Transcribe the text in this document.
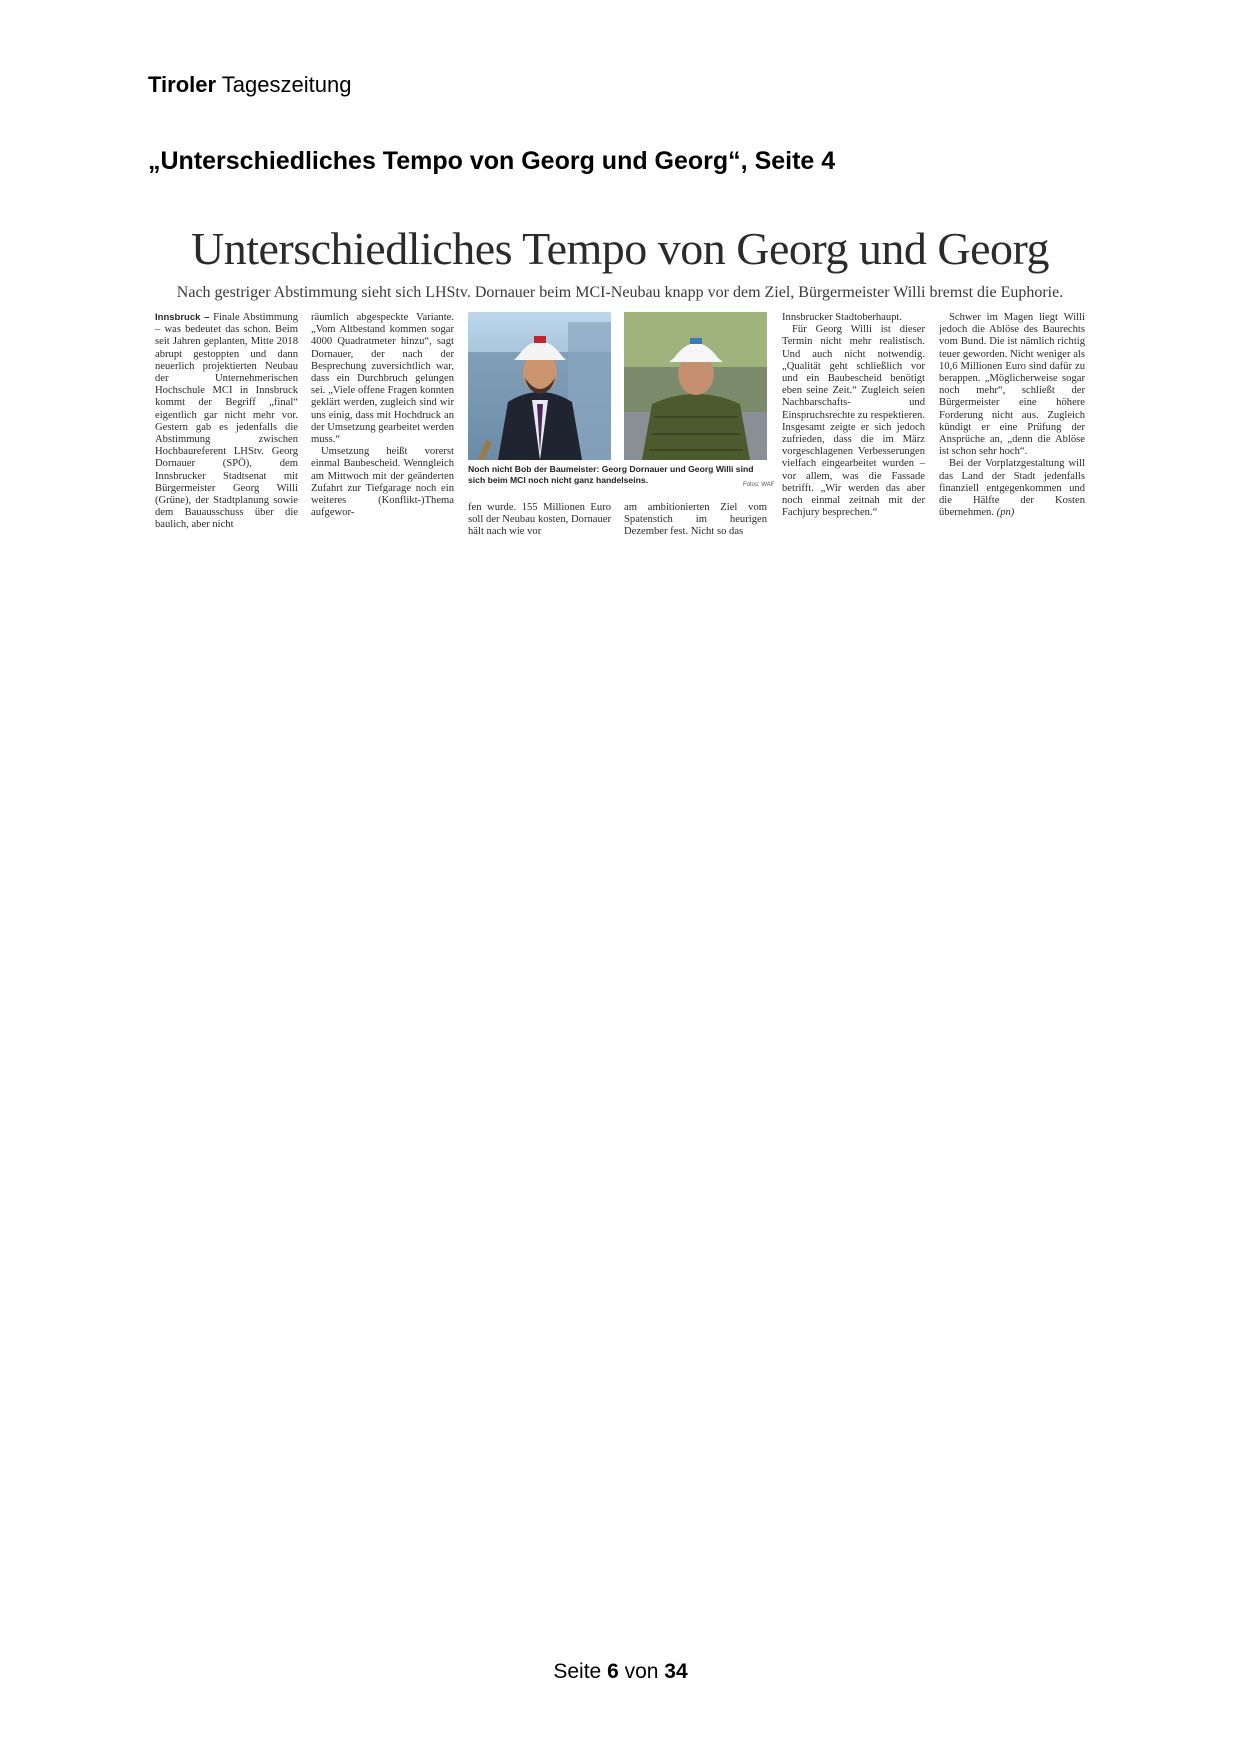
Tiroler Tageszeitung
„Unterschiedliches Tempo von Georg und Georg“, Seite 4
Unterschiedliches Tempo von Georg und Georg
Nach gestriger Abstimmung sieht sich LHStv. Dornauer beim MCI-Neubau knapp vor dem Ziel, Bürgermeister Willi bremst die Euphorie.

Innsbruck – Finale Abstimmung – was bedeutet das schon. Beim seit Jahren geplanten, Mitte 2018 abrupt gestoppten und dann neuerlich projektierten Neubau der Unternehmerischen Hochschule MCI in Innsbruck kommt der Begriff „final“ eigentlich gar nicht mehr vor. Gestern gab es jedenfalls die Abstimmung zwischen Hochbaureferent LHStv. Georg Dornauer (SPÖ), dem Innsbrucker Stadtsenat mit Bürgermeister Georg Willi (Grüne), der Stadtplanung sowie dem Bauausschuss über die baulich, aber nicht

räumlich abgespeckte Variante. „Vom Altbestand kommen sogar 4000 Quadratmeter hinzu“, sagt Dornauer, der nach der Besprechung zuversichtlich war, dass ein Durchbruch gelungen sei. „Viele offene Fragen konnten geklärt werden, zugleich sind wir uns einig, dass mit Hochdruck an der Umsetzung gearbeitet werden muss.“

Umsetzung heißt vorerst einmal Baubescheid. Wenngleich am Mittwoch mit der geänderten Zufahrt zur Tiefgarage noch ein weiteres (Konflikt-)Thema aufgewor-

Noch nicht Bob der Baumeister: Georg Dornauer und Georg Willi sind sich beim MCI noch nicht ganz handelseins.	Fotos: WAF

fen wurde. 155 Millionen Euro soll der Neubau kosten, Dornauer hält nach wie vor

am ambitionierten Ziel vom Spatenstich im heurigen Dezember fest. Nicht so das

Innsbrucker Stadtoberhaupt.

Für Georg Willi ist dieser Termin nicht mehr realistisch. Und auch nicht notwendig. „Qualität geht schließlich vor und ein Baubescheid benötigt eben seine Zeit.“ Zugleich seien Nachbarschafts- und Einspruchsrechte zu respektieren. Insgesamt zeigte er sich jedoch zufrieden, dass die im März vorgeschlagenen Verbesserungen vielfach eingearbeitet wurden – vor allem, was die Fassade betrifft. „Wir werden das aber noch einmal zeitnah mit der Fachjury besprechen.“

Schwer im Magen liegt Willi jedoch die Ablöse des Baurechts vom Bund. Die ist nämlich richtig teuer geworden. Nicht weniger als 10,6 Millionen Euro sind dafür zu berappen. „Möglicherweise sogar noch mehr“, schließt der Bürgermeister eine höhere Forderung nicht aus. Zugleich kündigt er eine Prüfung der Ansprüche an, „denn die Ablöse ist schon sehr hoch“.

Bei der Vorplatzgestaltung will das Land der Stadt jedenfalls finanziell entgegenkommen und die Hälfte der Kosten übernehmen. (pn)

Seite 6 von 34
